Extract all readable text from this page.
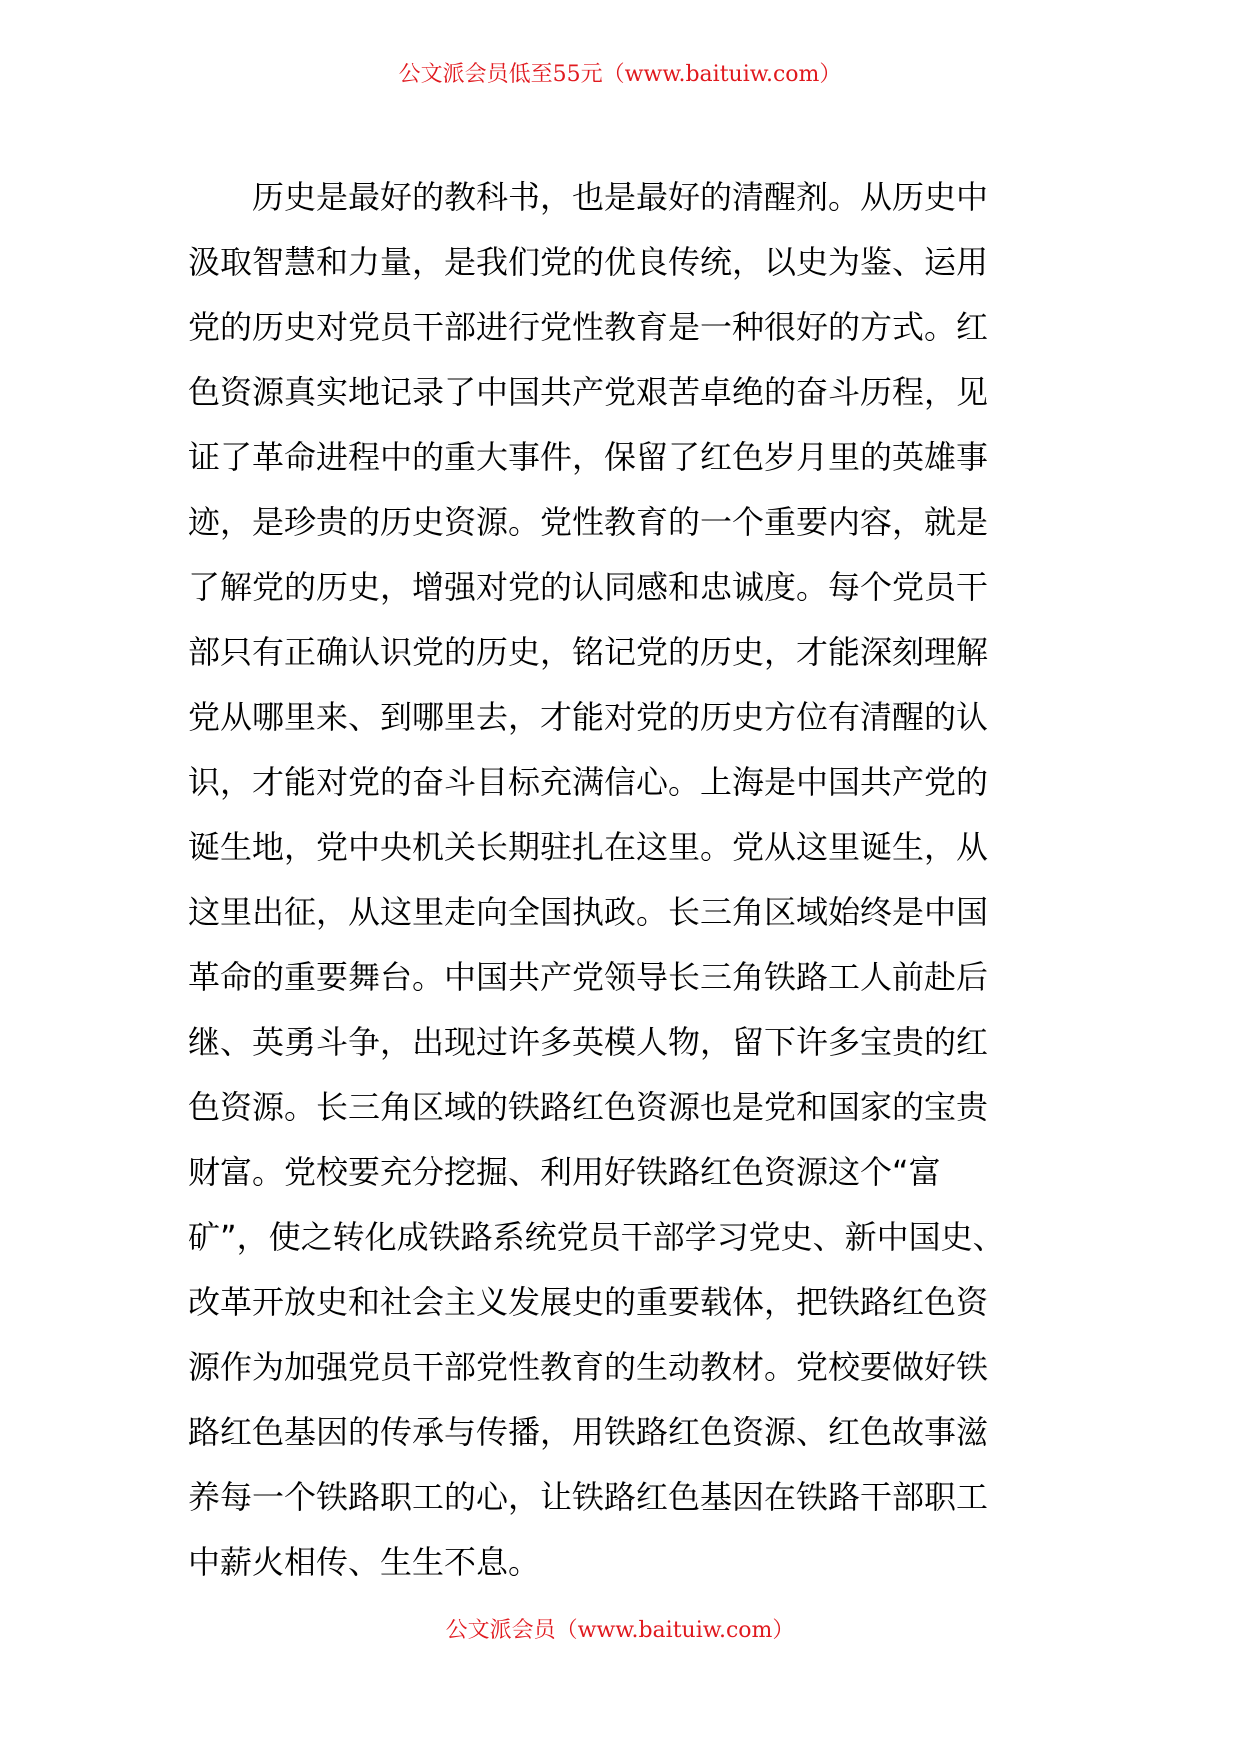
公文派会员低至55元（www.baituiw.com）

　　历史是最好的教科书，也是最好的清醒剂。从历史中
汲取智慧和力量，是我们党的优良传统，以史为鉴、运用
党的历史对党员干部进行党性教育是一种很好的方式。红
色资源真实地记录了中国共产党艰苦卓绝的奋斗历程，见
证了革命进程中的重大事件，保留了红色岁月里的英雄事
迹，是珍贵的历史资源。党性教育的一个重要内容，就是
了解党的历史，增强对党的认同感和忠诚度。每个党员干
部只有正确认识党的历史，铭记党的历史，才能深刻理解
党从哪里来、到哪里去，才能对党的历史方位有清醒的认
识，才能对党的奋斗目标充满信心。上海是中国共产党的
诞生地，党中央机关长期驻扎在这里。党从这里诞生，从
这里出征，从这里走向全国执政。长三角区域始终是中国
革命的重要舞台。中国共产党领导长三角铁路工人前赴后
继、英勇斗争，出现过许多英模人物，留下许多宝贵的红
色资源。长三角区域的铁路红色资源也是党和国家的宝贵
财富。党校要充分挖掘、利用好铁路红色资源这个“富
矿”，使之转化成铁路系统党员干部学习党史、新中国史、
改革开放史和社会主义发展史的重要载体，把铁路红色资
源作为加强党员干部党性教育的生动教材。党校要做好铁
路红色基因的传承与传播，用铁路红色资源、红色故事滋
养每一个铁路职工的心，让铁路红色基因在铁路干部职工
中薪火相传、生生不息。

公文派会员（www.baituiw.com）
